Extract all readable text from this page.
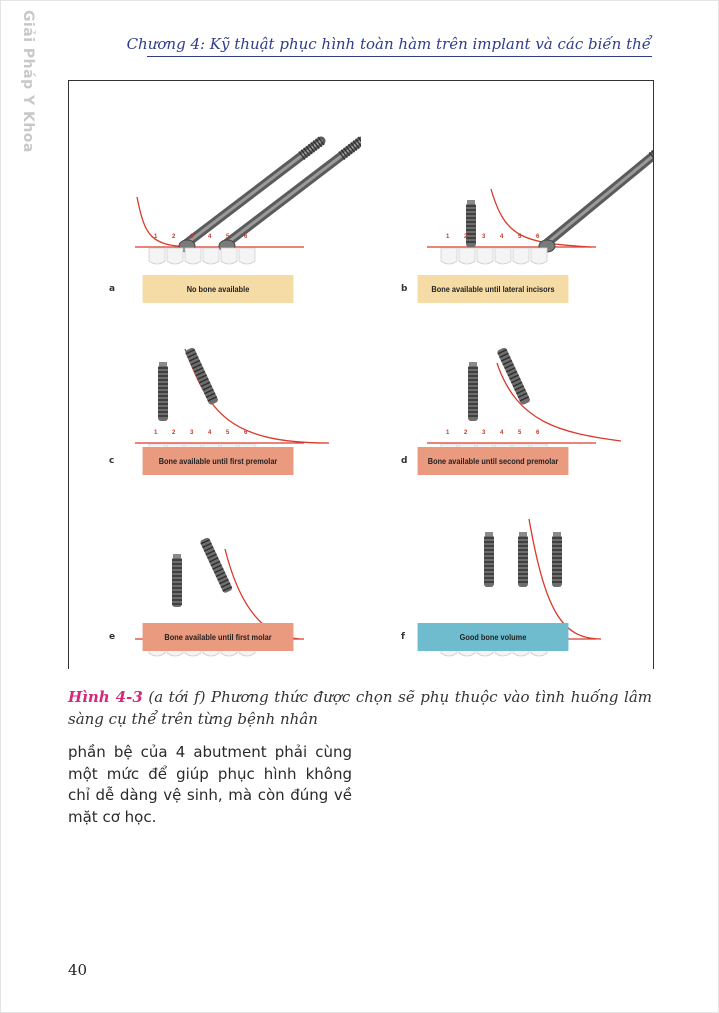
Giải Pháp Y Khoa	Chương 4: Kỹ thuật phục hình toàn hàm trên implant và các biến thể
1 2 3 4 5 6
a	No bone available
1 2 3 4 5 6
b	Bone available until lateral incisors
1 2 3 4 5 6
c	Bone available until first premolar
1 2 3 4 5 6
d	Bone available until second premolar
e	Bone available until first molar	f	Good bone volume
Hình 4-3 (a tới f) Phương thức được chọn sẽ phụ thuộc vào tình huống lâm sàng cụ thể trên từng bệnh nhân
phần bệ của 4 abutment phải cùng một mức để giúp phục hình không chỉ dễ dàng vệ sinh, mà còn đúng về mặt cơ học.
40
